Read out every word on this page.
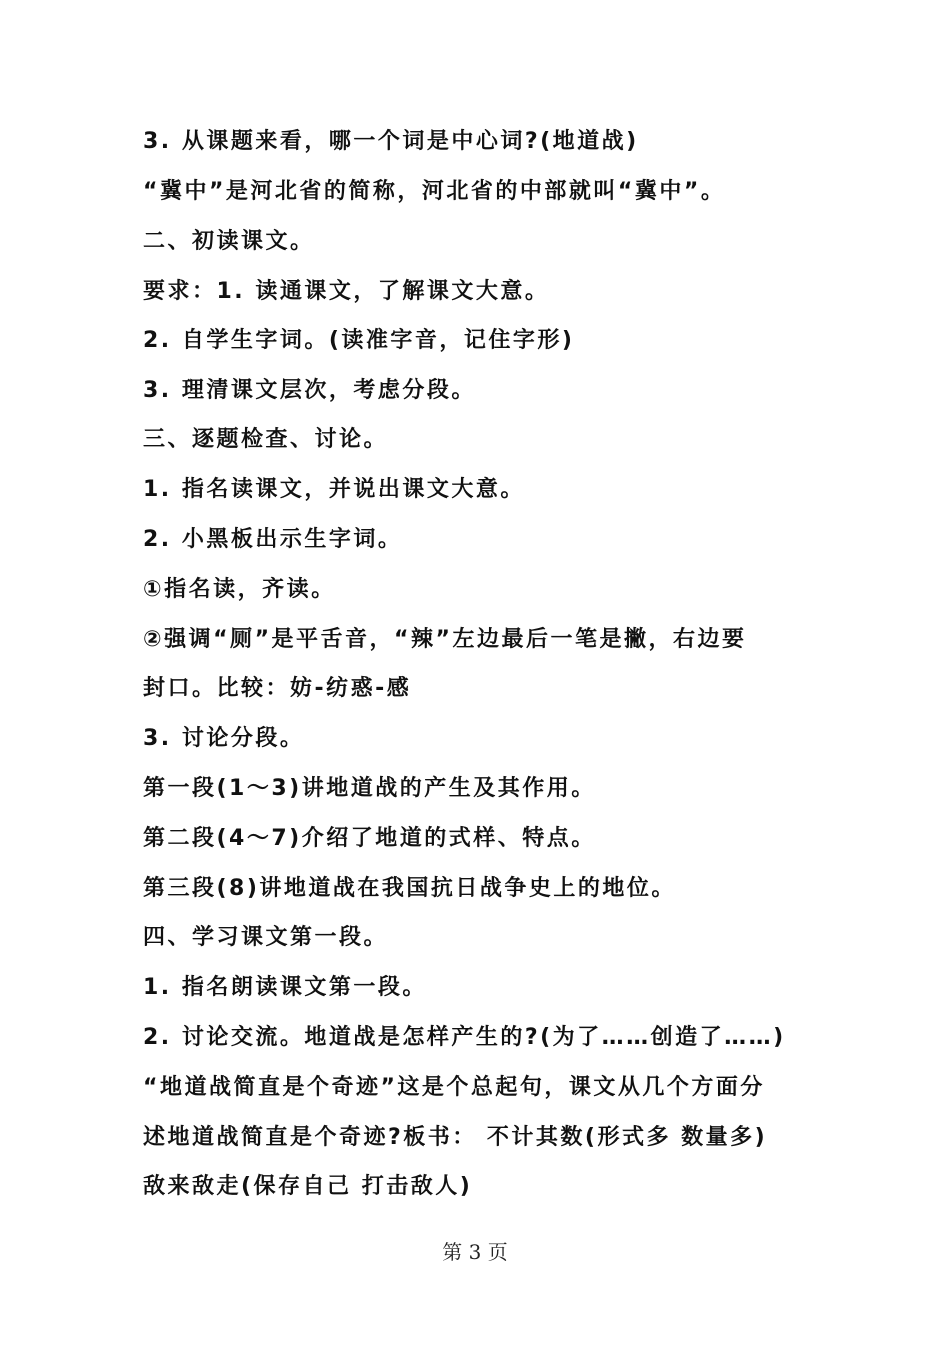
3. 从课题来看，哪一个词是中心词?(地道战)

“冀中”是河北省的简称，河北省的中部就叫“冀中”。

二、初读课文。

要求：1. 读通课文，了解课文大意。

2. 自学生字词。(读准字音，记住字形)

3. 理清课文层次，考虑分段。

三、逐题检查、讨论。

1. 指名读课文，并说出课文大意。

2. 小黑板出示生字词。

①指名读，齐读。

②强调“厕”是平舌音，“辣”左边最后一笔是撇，右边要

封口。比较：妨-纺惑-感

3. 讨论分段。

第一段(1～3)讲地道战的产生及其作用。

第二段(4～7)介绍了地道的式样、特点。

第三段(8)讲地道战在我国抗日战争史上的地位。

四、学习课文第一段。

1. 指名朗读课文第一段。

2. 讨论交流。地道战是怎样产生的?(为了……创造了……)

“地道战简直是个奇迹”这是个总起句，课文从几个方面分

述地道战简直是个奇迹?板书： 不计其数(形式多 数量多)

敌来敌走(保存自己 打击敌人)

第 3 页
